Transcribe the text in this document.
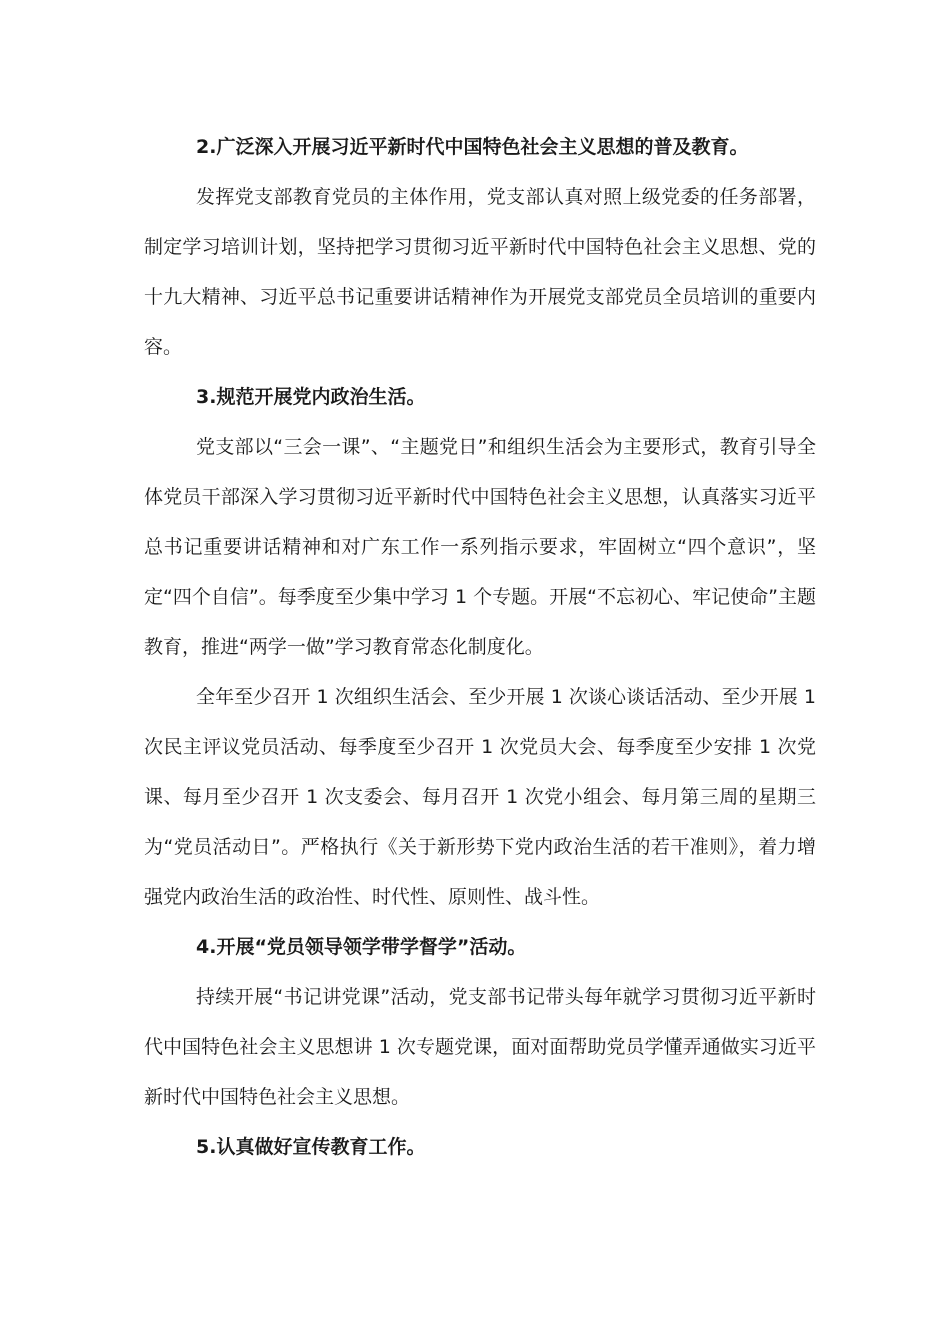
2.广泛深入开展习近平新时代中国特色社会主义思想的普及教育。

发挥党支部教育党员的主体作用，党支部认真对照上级党委的任务部署，制定学习培训计划，坚持把学习贯彻习近平新时代中国特色社会主义思想、党的十九大精神、习近平总书记重要讲话精神作为开展党支部党员全员培训的重要内容。

3.规范开展党内政治生活。

党支部以“三会一课”、“主题党日”和组织生活会为主要形式，教育引导全体党员干部深入学习贯彻习近平新时代中国特色社会主义思想，认真落实习近平总书记重要讲话精神和对广东工作一系列指示要求，牢固树立“四个意识”，坚定“四个自信”。每季度至少集中学习 1 个专题。开展“不忘初心、牢记使命”主题教育，推进“两学一做”学习教育常态化制度化。

全年至少召开 1 次组织生活会、至少开展 1 次谈心谈话活动、至少开展 1 次民主评议党员活动、每季度至少召开 1 次党员大会、每季度至少安排 1 次党课、每月至少召开 1 次支委会、每月召开 1 次党小组会、每月第三周的星期三为“党员活动日”。严格执行《关于新形势下党内政治生活的若干准则》，着力增强党内政治生活的政治性、时代性、原则性、战斗性。

4.开展“党员领导领学带学督学”活动。

持续开展“书记讲党课”活动，党支部书记带头每年就学习贯彻习近平新时代中国特色社会主义思想讲 1 次专题党课，面对面帮助党员学懂弄通做实习近平新时代中国特色社会主义思想。

5.认真做好宣传教育工作。
